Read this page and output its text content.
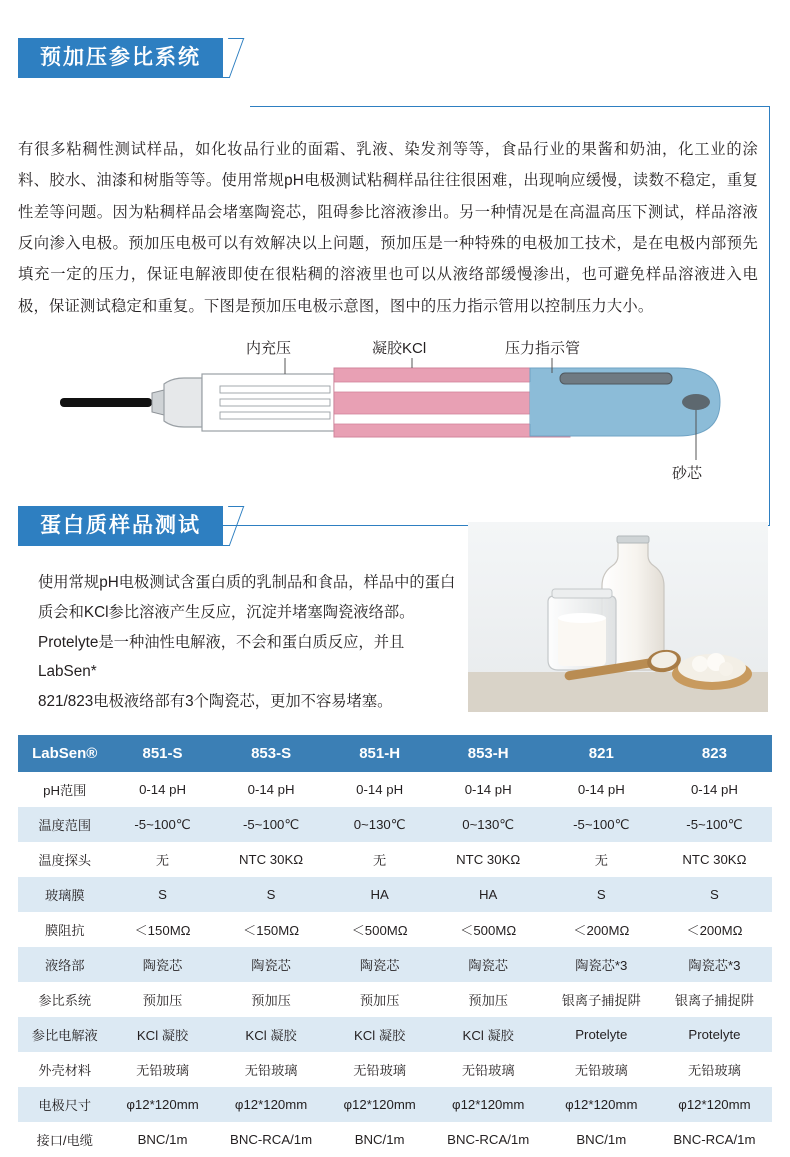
预加压参比系统
有很多粘稠性测试样品，如化妆品行业的面霜、乳液、染发剂等等，食品行业的果酱和奶油，化工业的涂料、胶水、油漆和树脂等等。使用常规pH电极测试粘稠样品往往很困难，出现响应缓慢，读数不稳定，重复性差等问题。因为粘稠样品会堵塞陶瓷芯，阻碍参比溶液渗出。另一种情况是在高温高压下测试，样品溶液反向渗入电极。预加压电极可以有效解决以上问题，预加压是一种特殊的电极加工技术，是在电极内部预先填充一定的压力，保证电解液即使在很粘稠的溶液里也可以从液络部缓慢渗出，也可避免样品溶液进入电极，保证测试稳定和重复。下图是预加压电极示意图，图中的压力指示管用以控制压力大小。
内充压	凝胶KCl	压力指示管
砂芯
蛋白质样品测试
使用常规pH电极测试含蛋白质的乳制品和食品，样品中的蛋白
质会和KCl参比溶液产生反应，沉淀并堵塞陶瓷液络部。
Protelyte是一种油性电解液，不会和蛋白质反应，并且LabSen*
821/823电极液络部有3个陶瓷芯，更加不容易堵塞。
LabSen®	851-S	853-S	851-H	853-H	821	823
pH范围	0-14 pH	0-14 pH	0-14 pH	0-14 pH	0-14 pH	0-14 pH
温度范围	-5~100℃	-5~100℃	0~130℃	0~130℃	-5~100℃	-5~100℃
温度探头	无	NTC 30KΩ	无	NTC 30KΩ	无	NTC 30KΩ
玻璃膜	S	S	HA	HA	S	S
膜阻抗	＜150MΩ	＜150MΩ	＜500MΩ	＜500MΩ	＜200MΩ	＜200MΩ
液络部	陶瓷芯	陶瓷芯	陶瓷芯	陶瓷芯	陶瓷芯*3	陶瓷芯*3
参比系统	预加压	预加压	预加压	预加压	银离子捕捉阱	银离子捕捉阱
参比电解液	KCl 凝胶	KCl 凝胶	KCl 凝胶	KCl 凝胶	Protelyte	Protelyte
外壳材料	无铅玻璃	无铅玻璃	无铅玻璃	无铅玻璃	无铅玻璃	无铅玻璃
电极尺寸	φ12*120mm	φ12*120mm	φ12*120mm	φ12*120mm	φ12*120mm	φ12*120mm
接口/电缆	BNC/1m	BNC-RCA/1m	BNC/1m	BNC-RCA/1m	BNC/1m	BNC-RCA/1m
